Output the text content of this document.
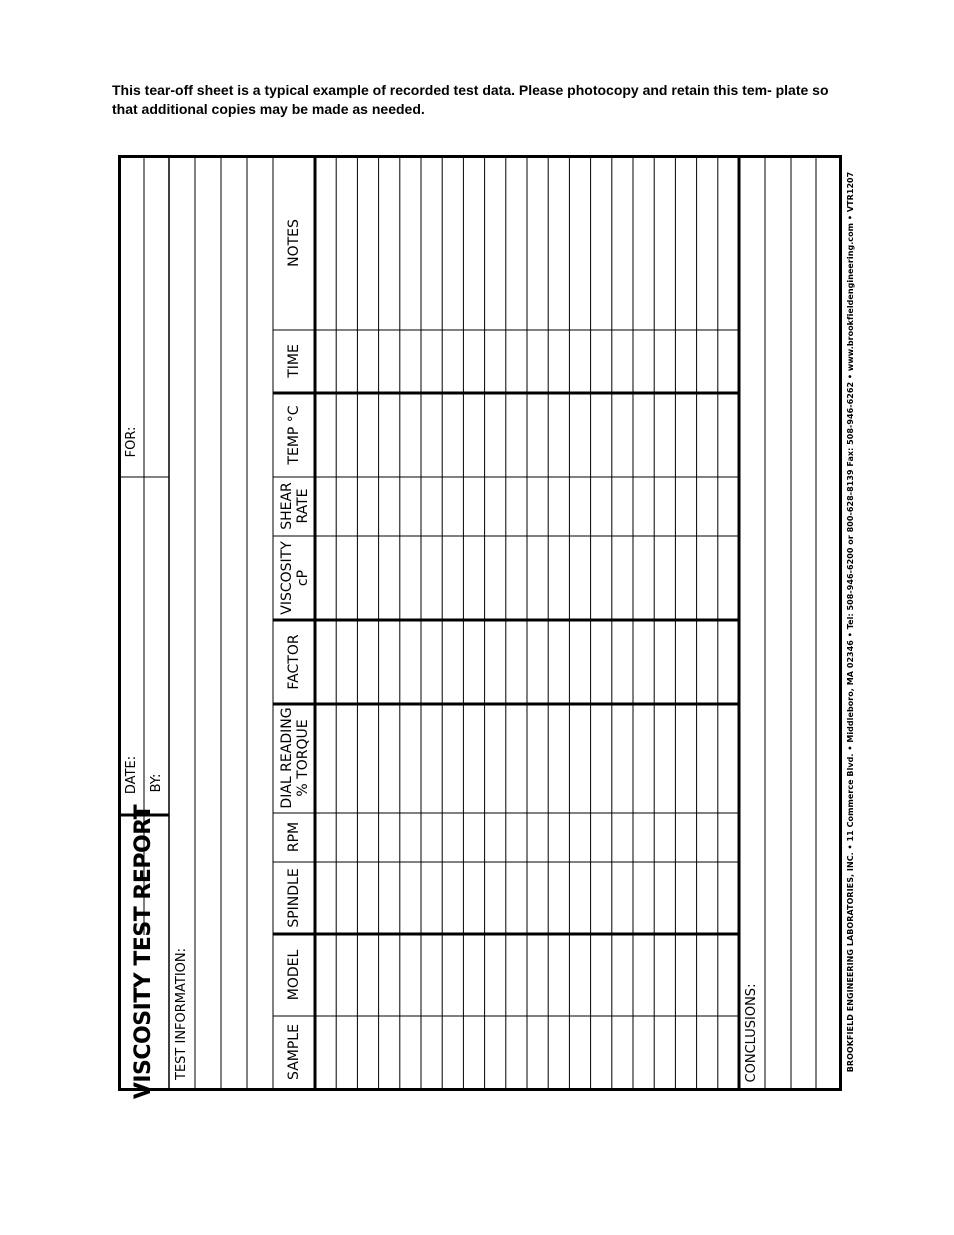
This tear-off sheet is a typical example of recorded test data. Please photocopy and retain this tem- plate so that additional copies may be made as needed.
VISCOSITY TEST REPORT
DATE: BY:
FOR:
TEST INFORMATION:	CONCLUSIONS:
SAMPLE
MODEL
SPINDLE
RPM
DIAL READING % TORQUE
FACTOR
VISCOSITY cP
SHEAR RATE
TEMP °C
TIME
NOTES	BROOKFIELD ENGINEERING LABORATORIES, INC. • 11 Commerce Blvd. • Middleboro, MA 02346 • Tel: 508-946-6200 or 800-628-8139 Fax: 508-946-6262 • www.brookfieldengineering.com • VTR1207
